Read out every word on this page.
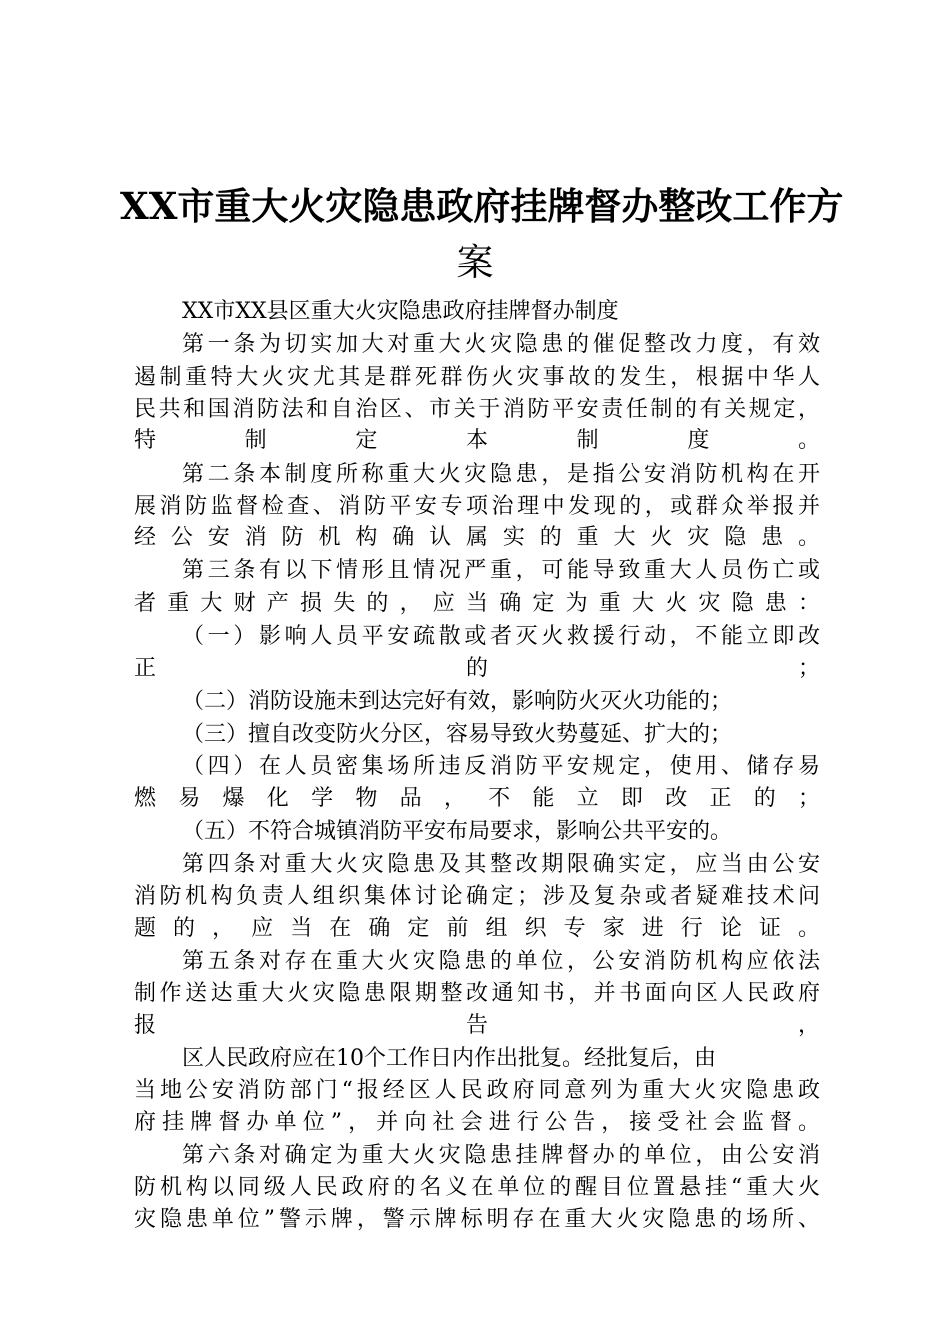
XX市重大火灾隐患政府挂牌督办整改工作方
案
XX市XX县区重大火灾隐患政府挂牌督办制度
第一条为切实加大对重大火灾隐患的催促整改力度，有效
遏制重特大火灾尤其是群死群伤火灾事故的发生，根据中华人
民共和国消防法和自治区、市关于消防平安责任制的有关规定，
特制定本制度。
第二条本制度所称重大火灾隐患，是指公安消防机构在开
展消防监督检查、消防平安专项治理中发现的，或群众举报并
经公安消防机构确认属实的重大火灾隐患。
第三条有以下情形且情况严重，可能导致重大人员伤亡或
者重大财产损失的，应当确定为重大火灾隐患：
（一）影响人员平安疏散或者灭火救援行动，不能立即改
正的；
（二）消防设施未到达完好有效，影响防火灭火功能的；
（三）擅自改变防火分区，容易导致火势蔓延、扩大的；
（四）在人员密集场所违反消防平安规定，使用、储存易
燃易爆化学物品，不能立即改正的；
（五）不符合城镇消防平安布局要求，影响公共平安的。
第四条对重大火灾隐患及其整改期限确实定，应当由公安
消防机构负责人组织集体讨论确定；涉及复杂或者疑难技术问
题的，应当在确定前组织专家进行论证。
第五条对存在重大火灾隐患的单位，公安消防机构应依法
制作送达重大火灾隐患限期整改通知书，并书面向区人民政府
报告，
区人民政府应在10个工作日内作出批复。经批复后，由
当地公安消防部门“报经区人民政府同意列为重大火灾隐患政
府挂牌督办单位”，并向社会进行公告，接受社会监督。
第六条对确定为重大火灾隐患挂牌督办的单位，由公安消
防机构以同级人民政府的名义在单位的醒目位置悬挂“重大火
灾隐患单位”警示牌，警示牌标明存在重大火灾隐患的场所、
